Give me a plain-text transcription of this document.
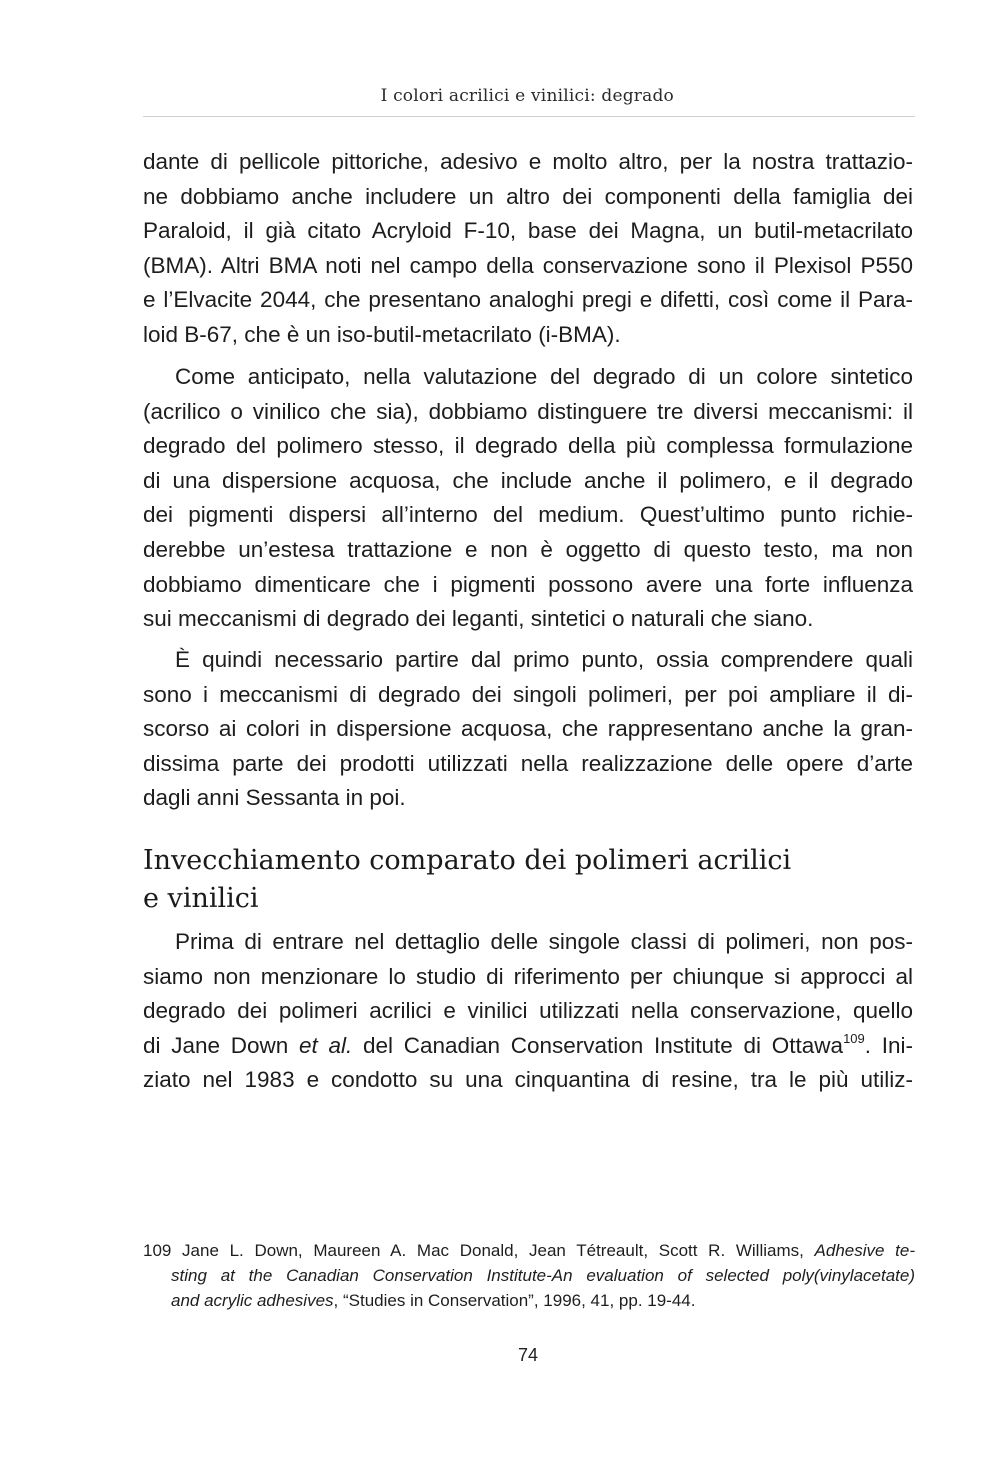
I colori acrilici e vinilici: degrado
dante di pellicole pittoriche, adesivo e molto altro, per la nostra trattazio-
ne dobbiamo anche includere un altro dei componenti della famiglia dei
Paraloid, il già citato Acryloid F-10, base dei Magna, un butil-metacrilato
(BMA). Altri BMA noti nel campo della conservazione sono il Plexisol P550
e l’Elvacite 2044, che presentano analoghi pregi e difetti, così come il Para-
loid B-67, che è un iso-butil-metacrilato (i-BMA).
Come anticipato, nella valutazione del degrado di un colore sintetico
(acrilico o vinilico che sia), dobbiamo distinguere tre diversi meccanismi: il
degrado del polimero stesso, il degrado della più complessa formulazione
di una dispersione acquosa, che include anche il polimero, e il degrado
dei pigmenti dispersi all’interno del medium. Quest’ultimo punto richie-
derebbe un’estesa trattazione e non è oggetto di questo testo, ma non
dobbiamo dimenticare che i pigmenti possono avere una forte influenza
sui meccanismi di degrado dei leganti, sintetici o naturali che siano.
È quindi necessario partire dal primo punto, ossia comprendere quali
sono i meccanismi di degrado dei singoli polimeri, per poi ampliare il di-
scorso ai colori in dispersione acquosa, che rappresentano anche la gran-
dissima parte dei prodotti utilizzati nella realizzazione delle opere d’arte
dagli anni Sessanta in poi.
Invecchiamento comparato dei polimeri acrilici
e vinilici
Prima di entrare nel dettaglio delle singole classi di polimeri, non pos-
siamo non menzionare lo studio di riferimento per chiunque si approcci al
degrado dei polimeri acrilici e vinilici utilizzati nella conservazione, quello
di Jane Down et al. del Canadian Conservation Institute di Ottawa$^{109}$. Ini-
ziato nel 1983 e condotto su una cinquantina di resine, tra le più utiliz-
109 Jane L. Down, Maureen A. Mac Donald, Jean Tétreault, Scott R. Williams, Adhesive te-
sting at the Canadian Conservation Institute-An evaluation of selected poly(vinylacetate)
and acrylic adhesives, “Studies in Conservation”, 1996, 41, pp. 19-44.
74
